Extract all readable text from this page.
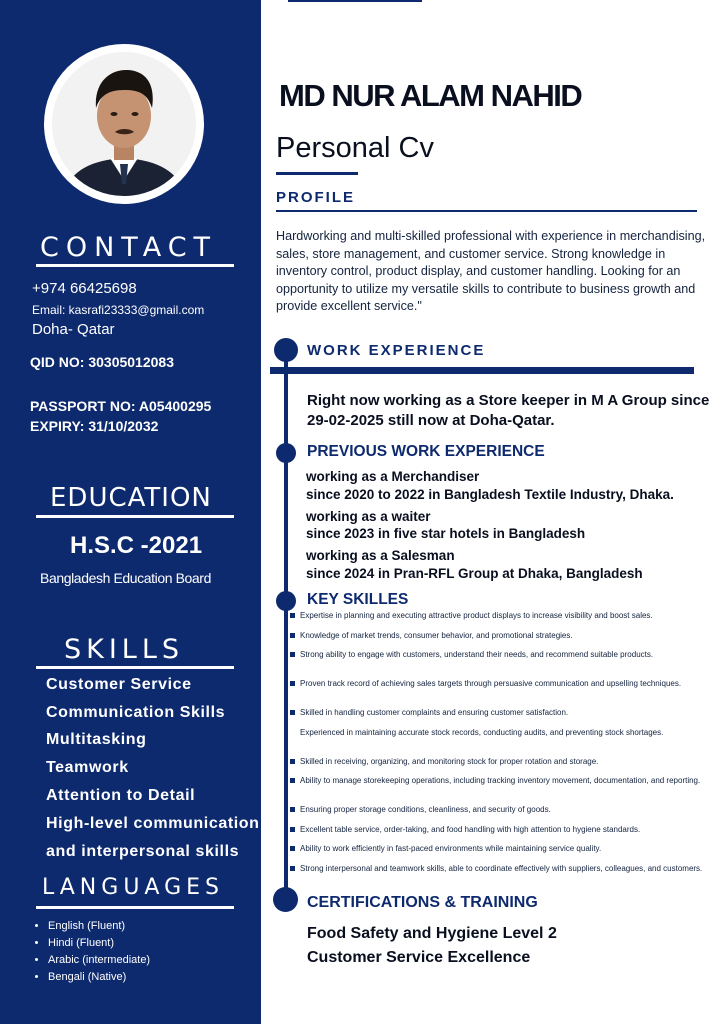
CONTACT
+974 66425698
Email: kasrafi23333@gmail.com
Doha- Qatar
QID NO: 30305012083
PASSPORT NO: A05400295
EXPIRY: 31/10/2032
EDUCATION
H.S.C -2021
Bangladesh Education Board
SKILLS
Customer Service
Communication Skills
Multitasking
Teamwork
Attention to Detail
High-level communication
and interpersonal skills
LANGUAGES
• English (Fluent)
• Hindi (Fluent)
• Arabic (intermediate)
• Bengali (Native)
MD NUR ALAM NAHID
Personal Cv
PROFILE
Hardworking and multi-skilled professional with experience in merchandising, sales, store management, and customer service. Strong knowledge in inventory control, product display, and customer handling. Looking for an opportunity to utilize my versatile skills to contribute to business growth and provide excellent service."
WORK EXPERIENCE
Right now working as a Store keeper in M A Group since 29-02-2025 still now at Doha-Qatar.
PREVIOUS WORK EXPERIENCE
working as a Merchandiser
since 2020 to 2022 in Bangladesh Textile Industry, Dhaka.
working as a waiter
since 2023 in five star hotels in Bangladesh
working as a Salesman
since 2024 in Pran-RFL Group at Dhaka, Bangladesh
KEY SKILLES
Expertise in planning and executing attractive product displays to increase visibility and boost sales.
Knowledge of market trends, consumer behavior, and promotional strategies.
Strong ability to engage with customers, understand their needs, and recommend suitable products.
Proven track record of achieving sales targets through persuasive communication and upselling techniques.
Skilled in handling customer complaints and ensuring customer satisfaction.
Experienced in maintaining accurate stock records, conducting audits, and preventing stock shortages.
Skilled in receiving, organizing, and monitoring stock for proper rotation and storage.
Ability to manage storekeeping operations, including tracking inventory movement, documentation, and reporting.
Ensuring proper storage conditions, cleanliness, and security of goods.
Excellent table service, order-taking, and food handling with high attention to hygiene standards.
Ability to work efficiently in fast-paced environments while maintaining service quality.
Strong interpersonal and teamwork skills, able to coordinate effectively with suppliers, colleagues, and customers.
CERTIFICATIONS & TRAINING
Food Safety and Hygiene Level 2
Customer Service Excellence
